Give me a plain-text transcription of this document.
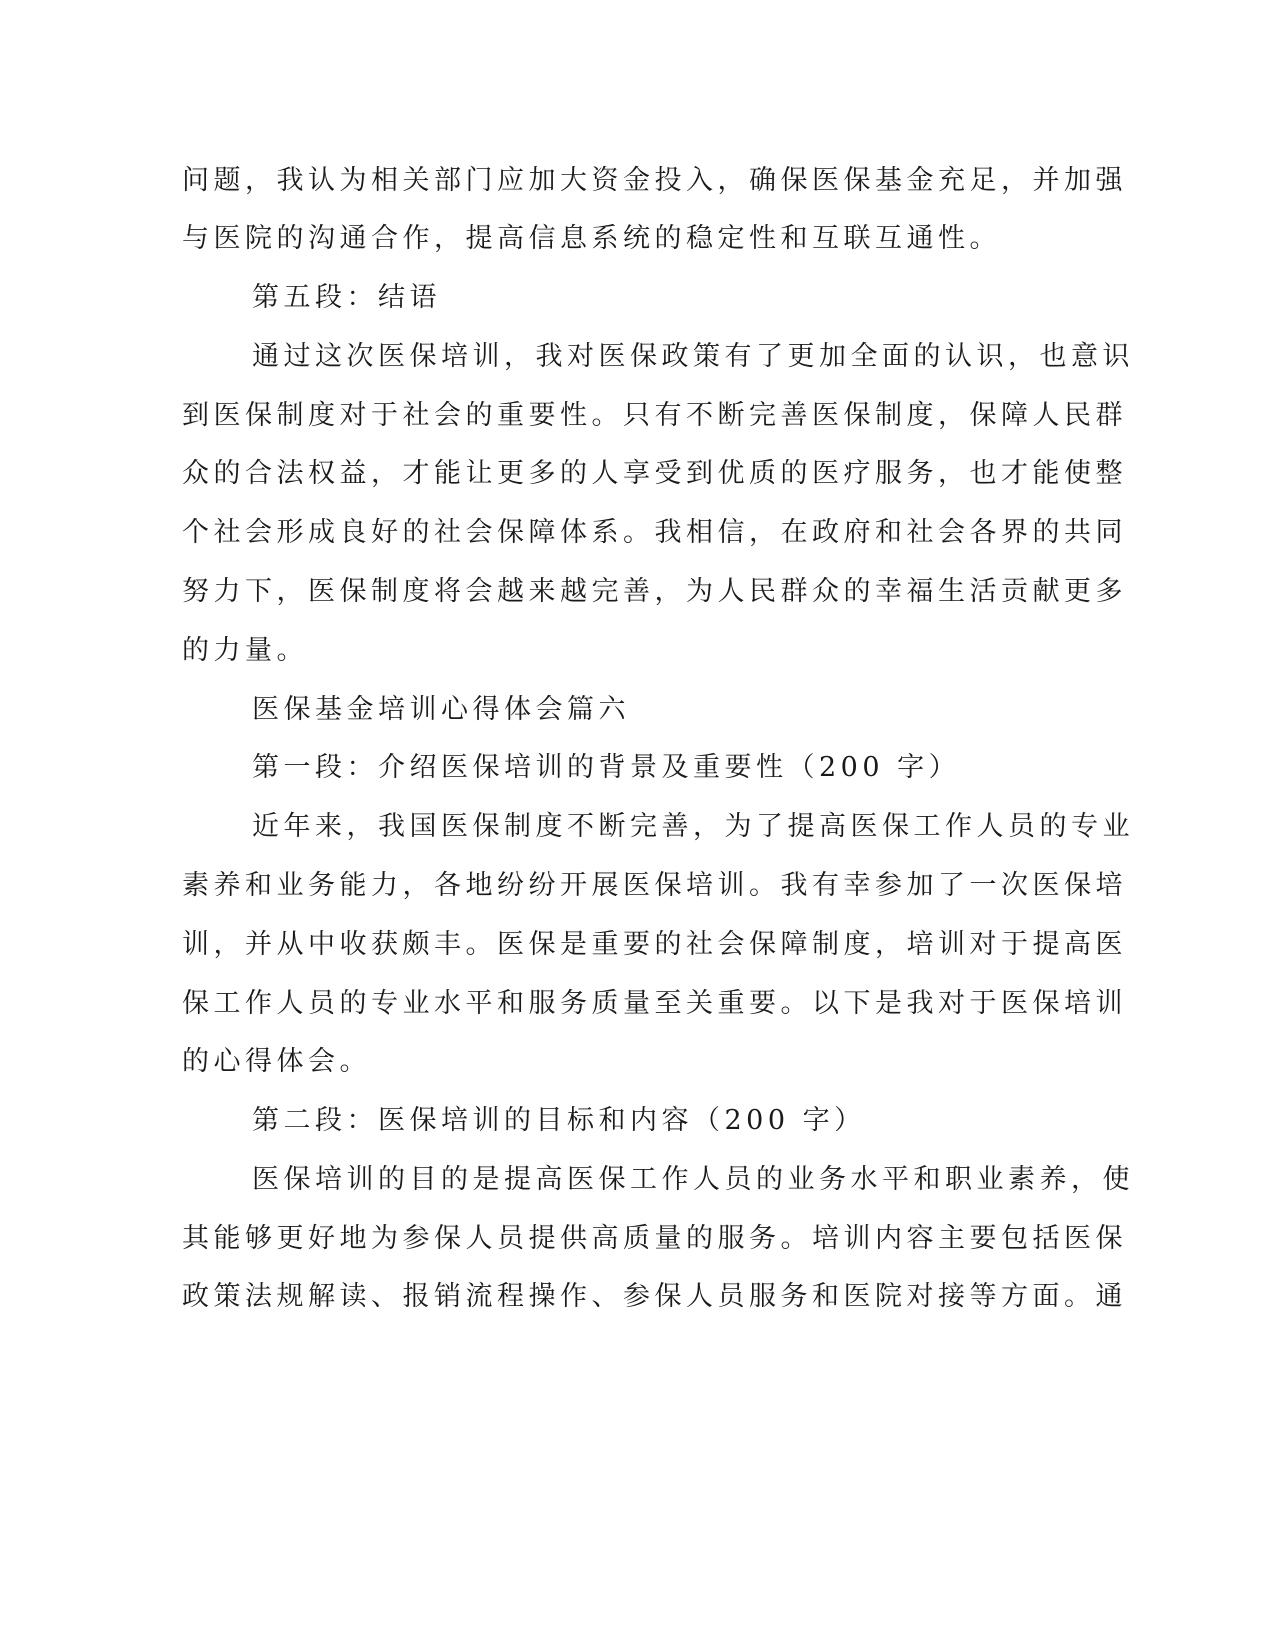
问题，我认为相关部门应加大资金投入，确保医保基金充足，并加强
与医院的沟通合作，提高信息系统的稳定性和互联互通性。
第五段：结语
通过这次医保培训，我对医保政策有了更加全面的认识，也意识
到医保制度对于社会的重要性。只有不断完善医保制度，保障人民群
众的合法权益，才能让更多的人享受到优质的医疗服务，也才能使整
个社会形成良好的社会保障体系。我相信，在政府和社会各界的共同
努力下，医保制度将会越来越完善，为人民群众的幸福生活贡献更多
的力量。
医保基金培训心得体会篇六
第一段：介绍医保培训的背景及重要性（200 字）
近年来，我国医保制度不断完善，为了提高医保工作人员的专业
素养和业务能力，各地纷纷开展医保培训。我有幸参加了一次医保培
训，并从中收获颇丰。医保是重要的社会保障制度，培训对于提高医
保工作人员的专业水平和服务质量至关重要。以下是我对于医保培训
的心得体会。
第二段：医保培训的目标和内容（200 字）
医保培训的目的是提高医保工作人员的业务水平和职业素养，使
其能够更好地为参保人员提供高质量的服务。培训内容主要包括医保
政策法规解读、报销流程操作、参保人员服务和医院对接等方面。通
